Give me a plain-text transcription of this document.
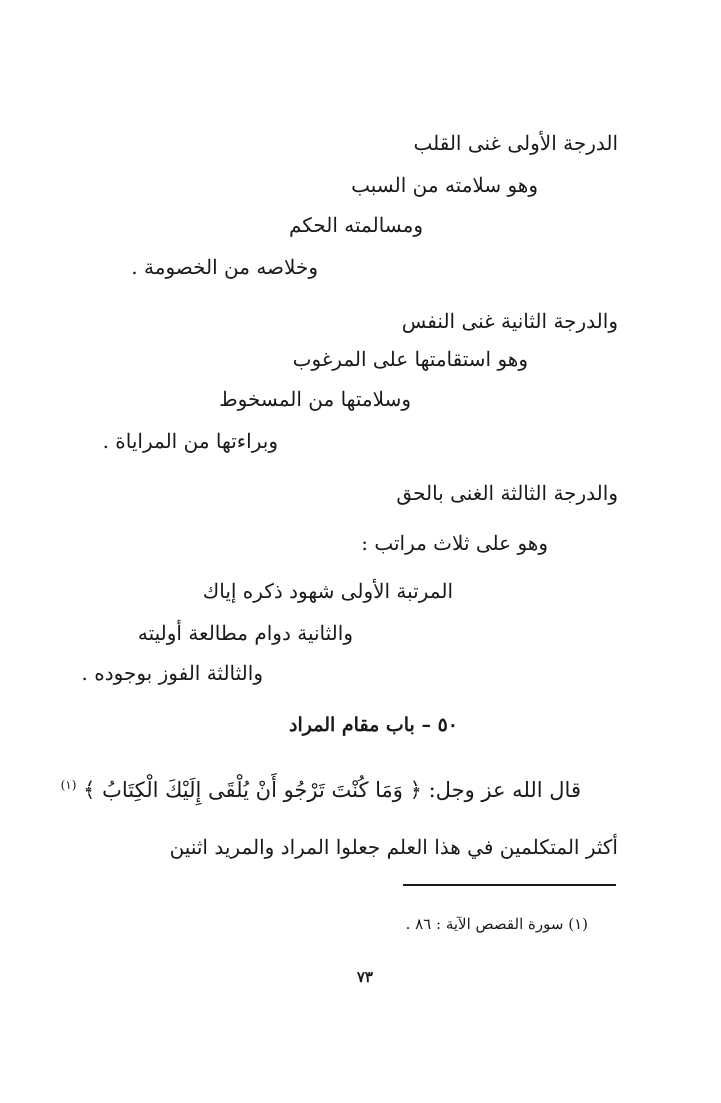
الدرجة الأولى غنى القلب
وهو سلامته من السبب
ومسالمته الحكم
وخلاصه من الخصومة .
والدرجة الثانية غنى النفس
وهو استقامتها على المرغوب
وسلامتها من المسخوط
وبراءتها من المراياة .
والدرجة الثالثة الغنى بالحق
وهو على ثلاث مراتب :
المرتبة الأولى شهود ذكره إياك
والثانية دوام مطالعة أوليته
والثالثة الفوز بوجوده .
٥٠ – باب مقام المراد
قال الله عز وجل: ﴿ وَمَا كُنْتَ تَرْجُو أَنْ يُلْقَى إِلَيْكَ الْكِتَابُ ﴾ $^{(١)}$
أكثر المتكلمين في هذا العلم جعلوا المراد والمريد اثنين
(١) سورة القصص الآية : ٨٦ .
٧٣
